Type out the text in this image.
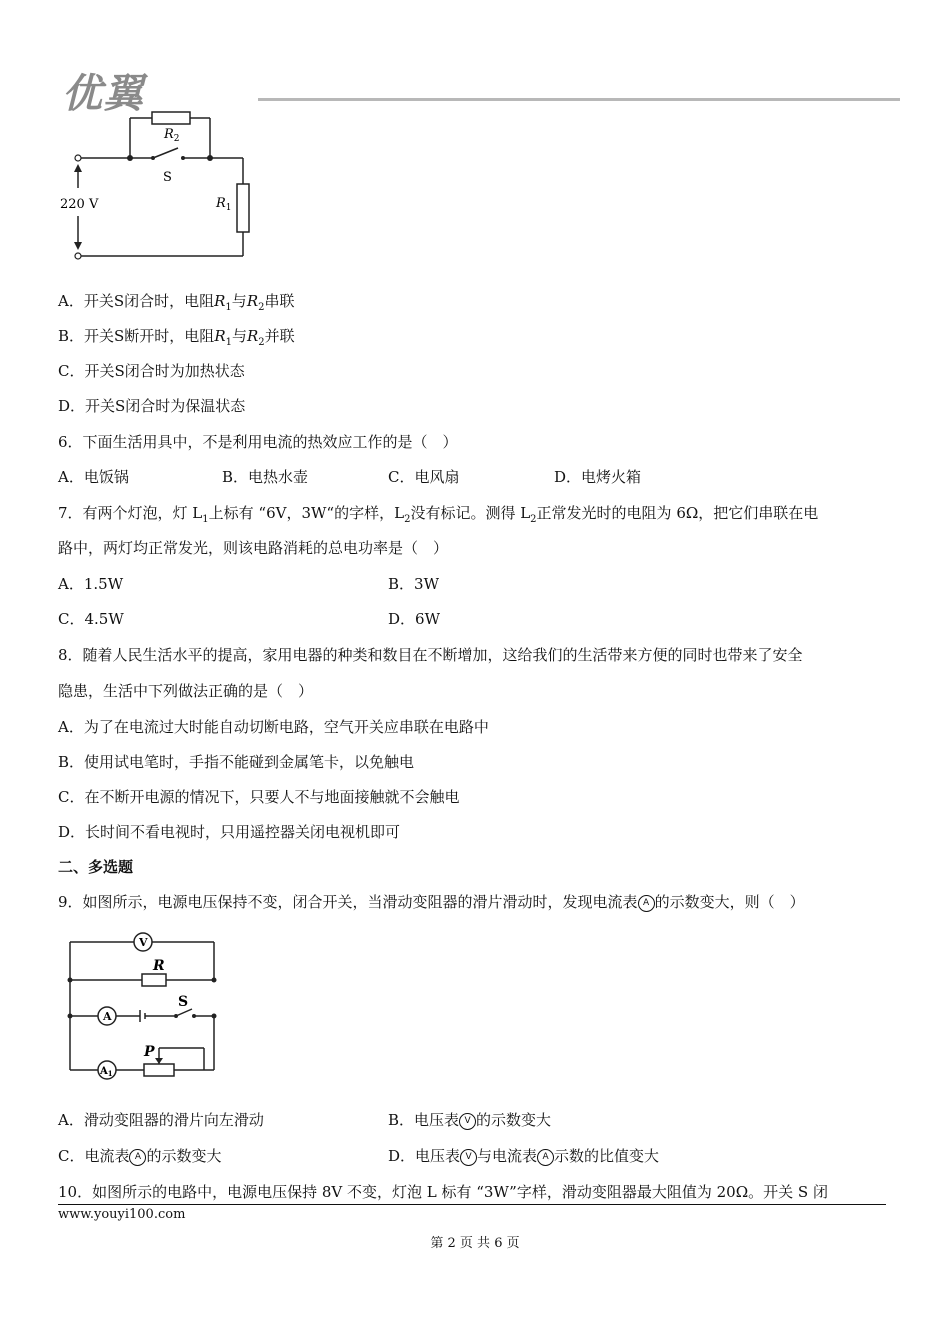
优翼
$R_2$
S
$R_1$
220 V
A．开关S闭合时，电阻$R_1$与$R_2$串联
B．开关S断开时，电阻$R_1$与$R_2$并联
C．开关S闭合时为加热状态
D．开关S闭合时为保温状态
6．下面生活用具中，不是利用电流的热效应工作的是（　）
A．电饭锅	B．电热水壶	C．电风扇	D．电烤火箱
7．有两个灯泡，灯 $L_1$上标有 “6V，3W“的字样，$L_2$没有标记。测得 $L_2$正常发光时的电阻为 6Ω，把它们串联在电
路中，两灯均正常发光，则该电路消耗的总电功率是（　）
A．1.5W	B．3W
C．4.5W	D．6W
8．随着人民生活水平的提高，家用电器的种类和数目在不断增加，这给我们的生活带来方便的同时也带来了安全
隐患，生活中下列做法正确的是（　）
A．为了在电流过大时能自动切断电路，空气开关应串联在电路中
B．使用试电笔时，手指不能碰到金属笔卡，以免触电
C．在不断开电源的情况下，只要人不与地面接触就不会触电
D．长时间不看电视时，只用遥控器关闭电视机即可
二、多选题
9．如图所示，电源电压保持不变，闭合开关，当滑动变阻器的滑片滑动时，发现电流表 A 的示数变大，则（　）
V
R
A
S
P
$A_1$
A．滑动变阻器的滑片向左滑动	B．电压表 V 的示数变大
C．电流表 A 的示数变大	D．电压表 V 与电流表 A 示数的比值变大
10．如图所示的电路中，电源电压保持 8V 不变，灯泡 L 标有 “3W”字样，滑动变阻器最大阻值为 20Ω。开关 S 闭
www.youyi100.com
第 2 页 共 6 页
